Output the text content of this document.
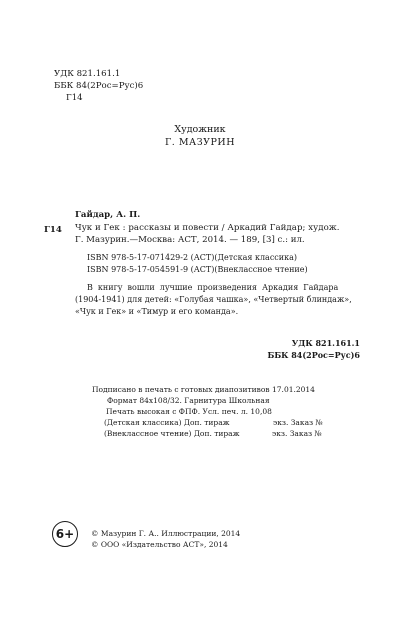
УДК 821.161.1
ББК 84(2Рос=Рус)6
Г14
Художник
Г. МАЗУРИН
Г14
Гайдар, А. П.
Чук и Гек : рассказы и повести / Аркадий Гайдар; худож.
Г. Мазурин.—Москва: АСТ, 2014. — 189, [3] с.: ил.
ISBN 978-5-17-071429-2 (АСТ)(Детская классика)
ISBN 978-5-17-054591-9 (АСТ)(Внеклассное чтение)
В книгу вошли лучшие произведения Аркадия Гайдара
(1904-1941) для детей: «Голубая чашка», «Четвертый блиндаж»,
«Чук и Гек» и «Тимур и его команда».
УДК 821.161.1
ББК 84(2Рос=Рус)6
Подписано в печать с готовых диапозитивов 17.01.2014
Формат 84x108/32. Гарнитура Школьная
Печать высокая с ФПФ. Усл. печ. л. 10,08
(Детская классика) Доп. тираж	экз. Заказ №
(Внеклассное чтение) Доп. тираж	экз. Заказ №
6+	© Мазурин Г. А.. Иллюстрации, 2014
© ООО «Издательство АСТ», 2014
